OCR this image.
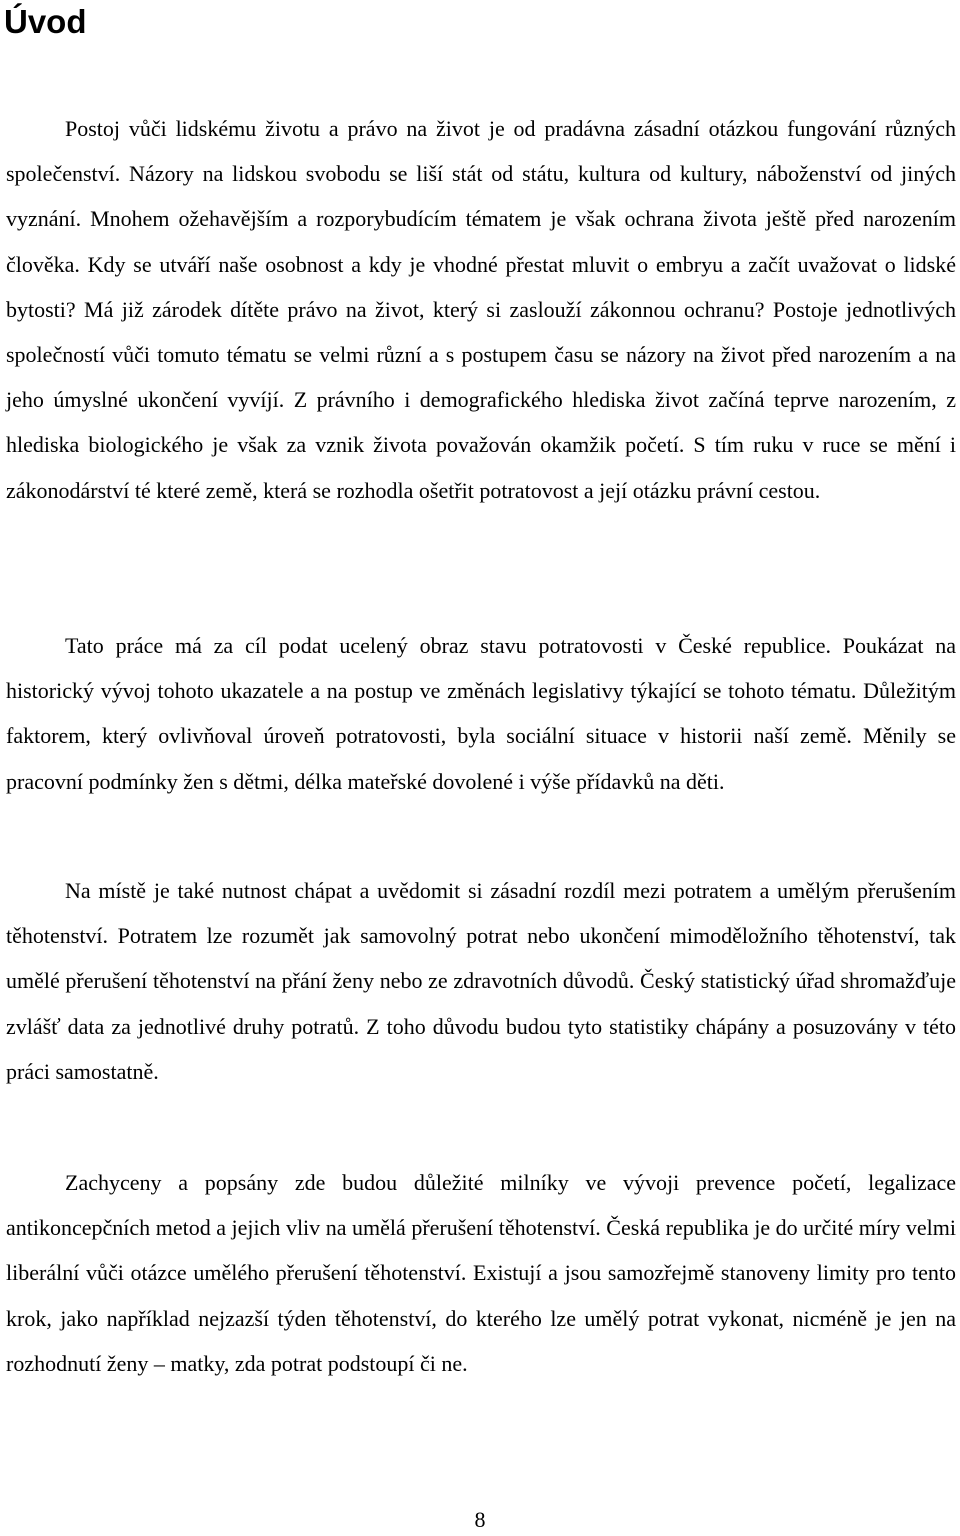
Úvod

Postoj vůči lidskému životu a právo na život je od pradávna zásadní otázkou fungování různých společenství. Názory na lidskou svobodu se liší stát od státu, kultura od kultury, náboženství od jiných vyznání. Mnohem ožehavějším a rozporybudícím tématem je však ochrana života ještě před narozením člověka. Kdy se utváří naše osobnost a kdy je vhodné přestat mluvit o embryu a začít uvažovat o lidské bytosti? Má již zárodek dítěte právo na život, který si zaslouží zákonnou ochranu? Postoje jednotlivých společností vůči tomuto tématu se velmi různí a s postupem času se názory na život před narozením a na jeho úmyslné ukončení vyvíjí. Z právního i demografického hlediska život začíná teprve narozením, z hlediska biologického je však za vznik života považován okamžik početí. S tím ruku v ruce se mění i zákonodárství té které země, která se rozhodla ošetřit potratovost a její otázku právní cestou.

Tato práce má za cíl podat ucelený obraz stavu potratovosti v České republice. Poukázat na historický vývoj tohoto ukazatele a na postup ve změnách legislativy týkající se tohoto tématu. Důležitým faktorem, který ovlivňoval úroveň potratovosti, byla sociální situace v historii naší země. Měnily se pracovní podmínky žen s dětmi, délka mateřské dovolené i výše přídavků na děti.

Na místě je také nutnost chápat a uvědomit si zásadní rozdíl mezi potratem a umělým přerušením těhotenství. Potratem lze rozumět jak samovolný potrat nebo ukončení mimoděložního těhotenství, tak umělé přerušení těhotenství na přání ženy nebo ze zdravotních důvodů. Český statistický úřad shromažďuje zvlášť data za jednotlivé druhy potratů. Z toho důvodu budou tyto statistiky chápány a posuzovány v této práci samostatně.

Zachyceny a popsány zde budou důležité milníky ve vývoji prevence početí, legalizace antikoncepčních metod a jejich vliv na umělá přerušení těhotenství. Česká republika je do určité míry velmi liberální vůči otázce umělého přerušení těhotenství. Existují a jsou samozřejmě stanoveny limity pro tento krok, jako například nejzazší týden těhotenství, do kterého lze umělý potrat vykonat, nicméně je jen na rozhodnutí ženy – matky, zda potrat podstoupí či ne.

8
